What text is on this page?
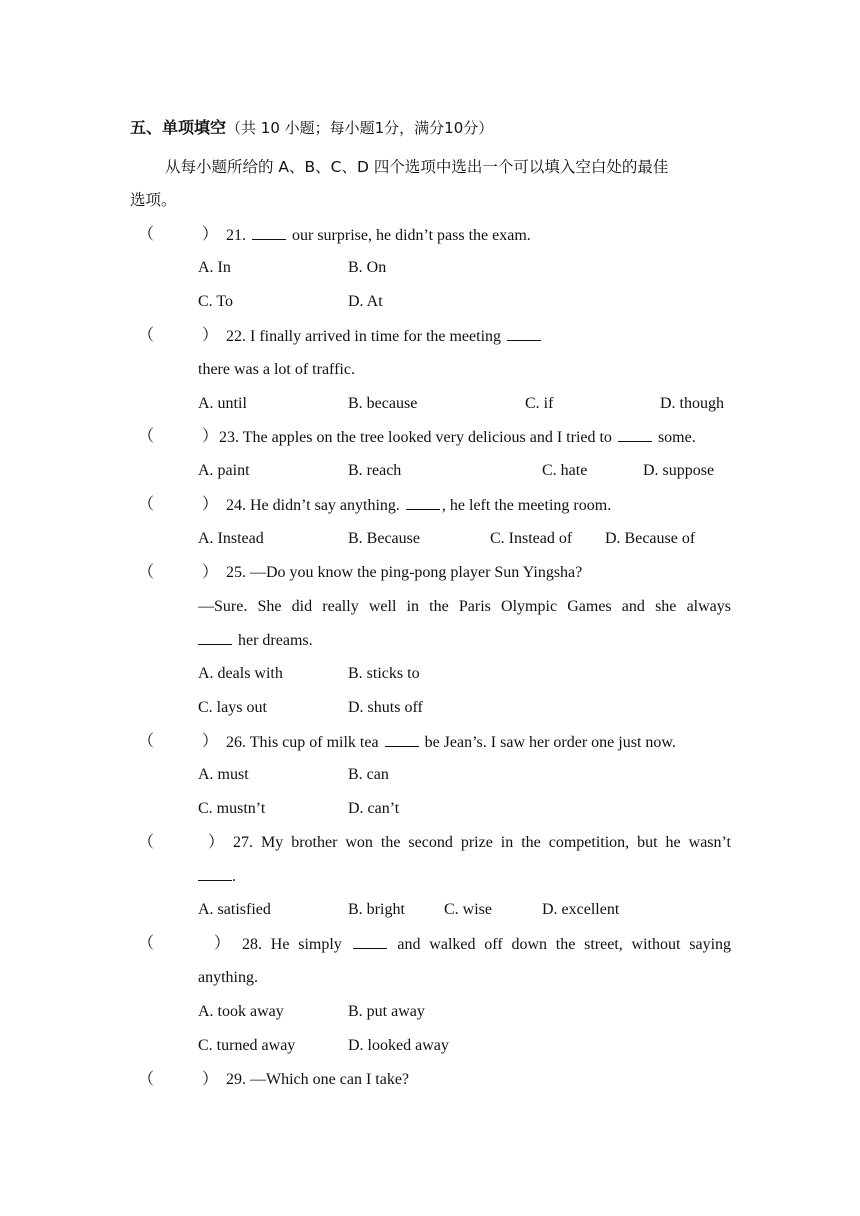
五、单项填空（共 10 小题；每小题1分，满分10分）
从每小题所给的 A、B、C、D 四个选项中选出一个可以填入空白处的最佳
选项。
（	） 21.	our surprise, he didn’t pass the exam.
A. In	B. On
C. To	D. At
（	） 22. I finally arrived in time for the meeting
there was a lot of traffic.
A. until	B. because	C. if	D. though
（	） 23. The apples on the tree looked very delicious and I tried to  some.
A. paint	B. reach	C. hate	D. suppose
（	） 24. He didn’t say anything. , he left the meeting room.
A. Instead	B. Because	C. Instead of D. Because of
（	） 25. —Do you know the ping-pong player Sun Yingsha?
—Sure. She did really well in the Paris Olympic Games and she always
her dreams.
A. deals with	B. sticks to
C. lays out	D. shuts off
（	） 26. This cup of milk tea  be Jean’s. I saw her order one just now.
A. must	B. can
C. mustn’t	D. can’t
（	） 27. My brother won the second prize in the competition, but he wasn’t
.
A. satisfied	B. bright C. wise	D. excellent
（	） 28. He simply  and walked off down the street, without saying
anything.
A. took away	B. put away
C. turned away	D. looked away
（	） 29. —Which one can I take?
